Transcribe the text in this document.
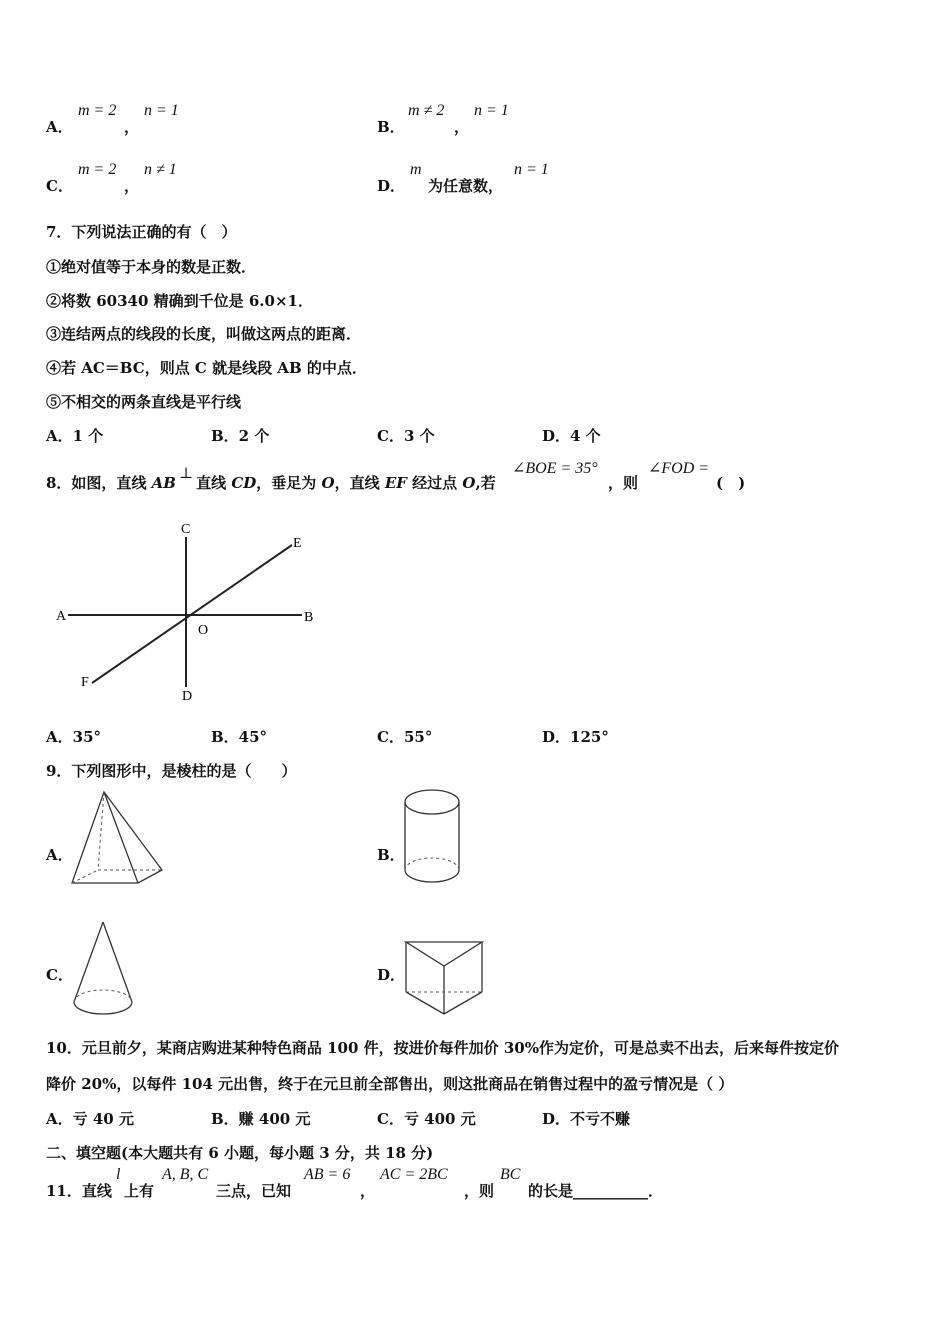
A．
m = 2
，
n = 1
B．
m ≠ 2
，
n = 1
C．
m = 2
，
n ≠ 1
D．
m
为任意数，
n = 1
7．下列说法正确的有（　）
①绝对值等于本身的数是正数．
②将数 60340 精确到千位是 6.0×1．
③连结两点的线段的长度，叫做这两点的距离．
④若 AC＝BC，则点 C 就是线段 AB 的中点．
⑤不相交的两条直线是平行线
A．1 个	B．2 个	C．3 个	D．4 个
8．如图，直线 AB⊥直线 CD，垂足为 O，直线 EF 经过点 O,若
∠BOE = 35°
，则
∠FOD =
(　)
C
E
A	B
O
F
D
A．35°	B．45°	C．55°	D．125°
9．下列图形中，是棱柱的是（　　）
A．	B．
C．	D．
10．元旦前夕，某商店购进某种特色商品 100 件，按进价每件加价 30%作为定价，可是总卖不出去，后来每件按定价
降价 20%，以每件 104 元出售，终于在元旦前全部售出，则这批商品在销售过程中的盈亏情况是（ ）
A．亏 40 元	B．赚 400 元	C．亏 400 元	D．不亏不赚
二、填空题(本大题共有 6 小题，每小题 3 分，共 18 分)
11．直线
l
上有
A, B, C
三点，已知
AB = 6
，
AC = 2BC
，则
BC
的长是__________．
